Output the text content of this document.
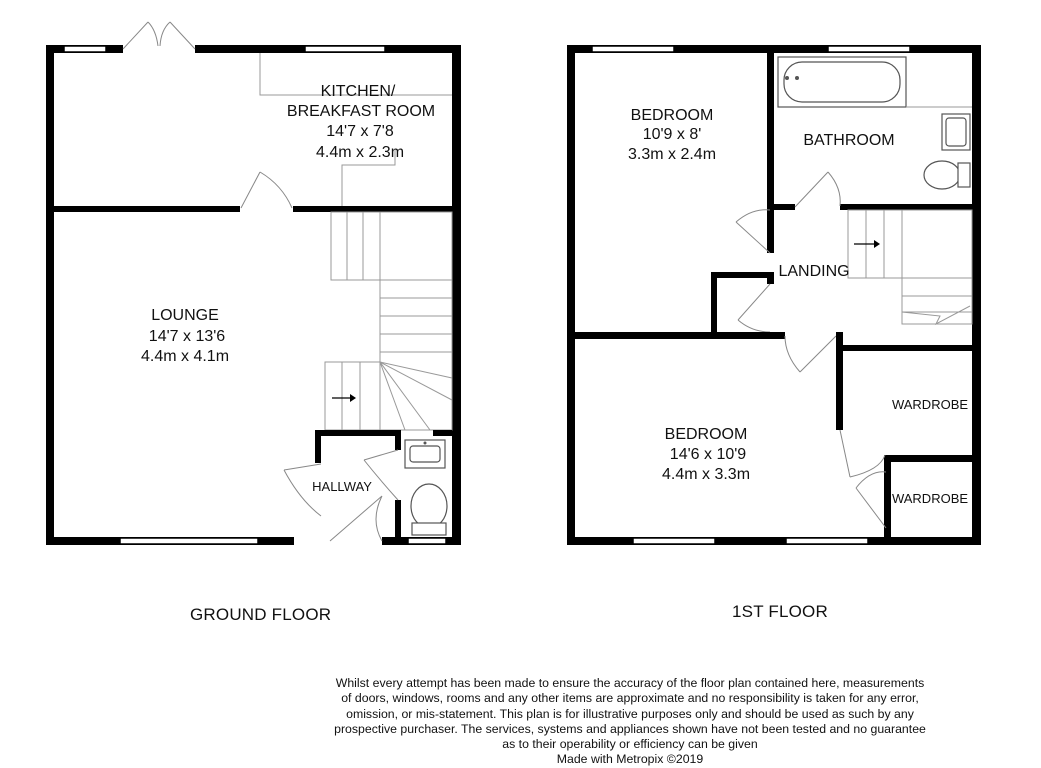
KITCHEN/
BREAKFAST ROOM
14'7 x 7'8
4.4m x 2.3m
LOUNGE
14'7 x 13'6
4.4m x 4.1m
HALLWAY
BEDROOM
10'9 x 8'
3.3m x 2.4m
BATHROOM
LANDING
BEDROOM
14'6 x 10'9
4.4m x 3.3m
WARDROBE
WARDROBE
GROUND FLOOR	1ST FLOOR
Whilst every attempt has been made to ensure the accuracy of the floor plan contained here, measurements
of doors, windows, rooms and any other items are approximate and no responsibility is taken for any error,
omission, or mis-statement. This plan is for illustrative purposes only and should be used as such by any
prospective purchaser. The services, systems and appliances shown have not been tested and no guarantee
as to their operability or efficiency can be given
Made with Metropix ©2019
